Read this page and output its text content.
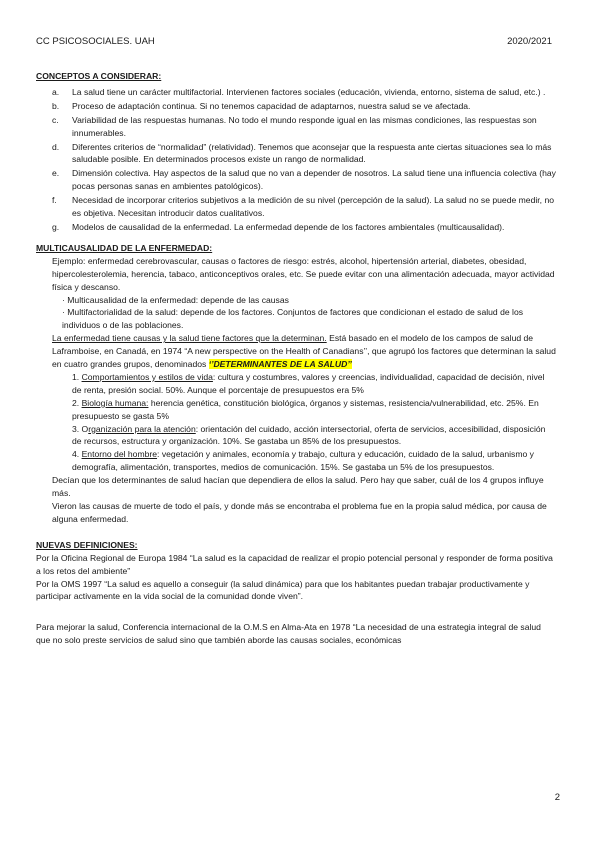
CC PSICOSOCIALES. UAH	2020/2021

CONCEPTOS A CONSIDERAR:

a. La salud tiene un carácter multifactorial. Intervienen factores sociales (educación, vivienda, entorno, sistema de salud, etc.) .
b. Proceso de adaptación continua. Si no tenemos capacidad de adaptarnos, nuestra salud se ve afectada.
c. Variabilidad de las respuestas humanas. No todo el mundo responde igual en las mismas condiciones, las respuestas son innumerables.
d. Diferentes criterios de “normalidad” (relatividad). Tenemos que aconsejar que la respuesta ante ciertas situaciones sea lo más saludable posible. En determinados procesos existe un rango de normalidad.
e. Dimensión colectiva. Hay aspectos de la salud que no van a depender de nosotros. La salud tiene una influencia colectiva (hay pocas personas sanas en ambientes patológicos).
f. Necesidad de incorporar criterios subjetivos a la medición de su nivel (percepción de la salud). La salud no se puede medir, no es objetiva. Necesitan introducir datos cualitativos.
g. Modelos de causalidad de la enfermedad. La enfermedad depende de los factores ambientales (multicausalidad).

MULTICAUSALIDAD DE LA ENFERMEDAD:

Ejemplo: enfermedad cerebrovascular, causas o factores de riesgo: estrés, alcohol, hipertensión arterial, diabetes, obesidad, hipercolesterolemia, herencia, tabaco, anticonceptivos orales, etc. Se puede evitar con una alimentación adecuada, mayor actividad física y descanso.

· Multicausalidad de la enfermedad: depende de las causas

· Multifactorialidad de la salud: depende de los factores. Conjuntos de factores que condicionan el estado de salud de los individuos o de las poblaciones.

La enfermedad tiene causas y la salud tiene factores que la determinan. Está basado en el modelo de los campos de salud de Laframboise, en Canadá, en 1974 “A new perspective on the Health of Canadians’’, que agrupó los factores que determinan la salud en cuatro grandes grupos, denominados ‘’DETERMINANTES DE LA SALUD’’

1. Comportamientos y estilos de vida: cultura y costumbres, valores y creencias, individualidad, capacidad de decisión, nivel de renta, presión social. 50%. Aunque el porcentaje de presupuestos era 5%

2. Biología humana: herencia genética, constitución biológica, órganos y sistemas, resistencia/vulnerabilidad, etc. 25%. En presupuesto se gasta 5%

3. Organización para la atención: orientación del cuidado, acción intersectorial, oferta de servicios, accesibilidad, disposición de recursos, estructura y organización. 10%. Se gastaba un 85% de los presupuestos.

4. Entorno del hombre: vegetación y animales, economía y trabajo, cultura y educación, cuidado de la salud, urbanismo y demografía, alimentación, transportes, medios de comunicación. 15%. Se gastaba un 5% de los presupuestos.

Decían que los determinantes de salud hacían que dependiera de ellos la salud. Pero hay que saber, cuál de los 4 grupos influye más.

Vieron las causas de muerte de todo el país, y donde más se encontraba el problema fue en la propia salud médica, por causa de alguna enfermedad.

NUEVAS DEFINICIONES:

Por la Oficina Regional de Europa 1984 “La salud es la capacidad de realizar el propio potencial personal y responder de forma positiva a los retos del ambiente”

Por la OMS 1997 “La salud es aquello a conseguir (la salud dinámica) para que los habitantes puedan trabajar productivamente y participar activamente en la vida social de la comunidad donde viven”.

Para mejorar la salud, Conferencia internacional de la O.M.S en Alma-Ata en 1978 “La necesidad de una estrategia integral de salud que no solo preste servicios de salud sino que también aborde las causas sociales, económicas

2
